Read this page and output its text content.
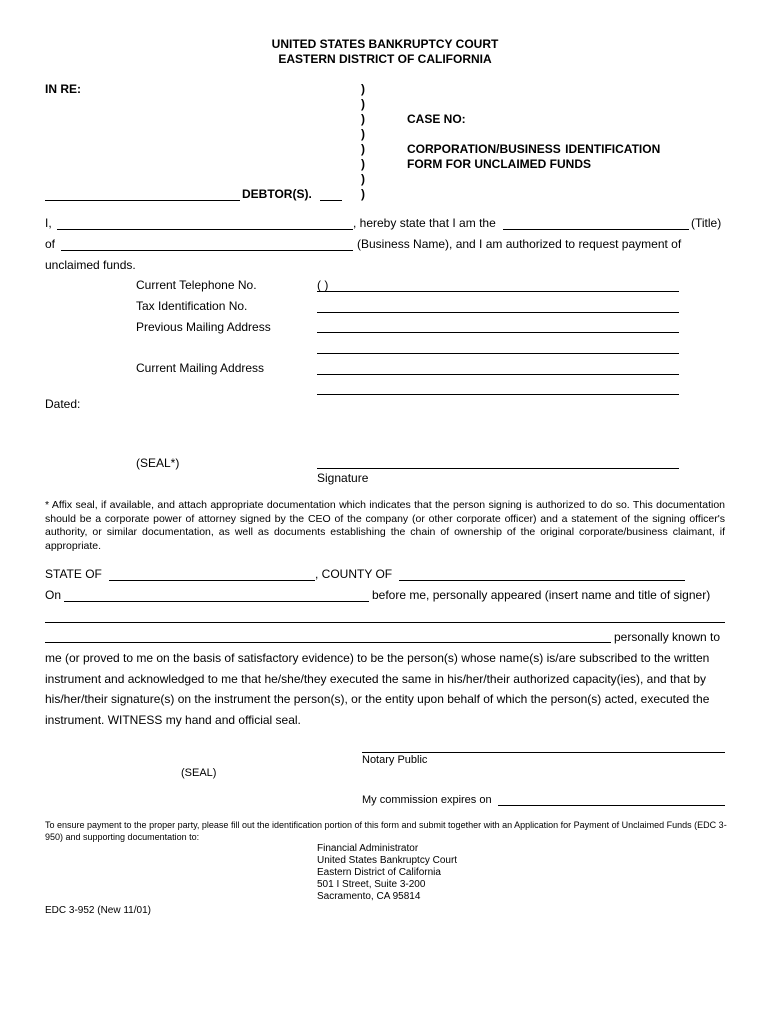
UNITED STATES BANKRUPTCY COURT
EASTERN DISTRICT OF CALIFORNIA
IN RE:	)
)
)
)
)
)
)
)
CASE NO:
CORPORATION/BUSINESS IDENTIFICATION
FORM FOR UNCLAIMED FUNDS
DEBTOR(S).
I,	, hereby state that I am the	(Title)
of	(Business Name), and I am authorized to request payment of
unclaimed funds.
Current Telephone No.	( )
Tax Identification No.
Previous Mailing Address
Current Mailing Address
Dated:
(SEAL*)
Signature
* Affix seal, if available, and attach appropriate documentation which indicates that the person signing is authorized to do so. This documentation should be a corporate power of attorney signed by the CEO of the company (or other corporate officer) and a statement of the signing officer's authority, or similar documentation, as well as documents establishing the chain of ownership of the original corporate/business claimant, if appropriate.
STATE OF	, COUNTY OF
On	before me, personally appeared (insert name and title of signer)
personally known to
me (or proved to me on the basis of satisfactory evidence) to be the person(s) whose name(s) is/are subscribed to the written
instrument and acknowledged to me that he/she/they executed the same in his/her/their authorized capacity(ies), and that by
his/her/their signature(s) on the instrument the person(s), or the entity upon behalf of which the person(s) acted, executed the
instrument. WITNESS my hand and official seal.
Notary Public
(SEAL)
My commission expires on
To ensure payment to the proper party, please fill out the identification portion of this form and submit together with an Application for Payment of Unclaimed Funds (EDC 3-950) and supporting documentation to:
Financial Administrator
United States Bankruptcy Court
Eastern District of California
501 I Street, Suite 3-200
Sacramento, CA 95814
EDC 3-952 (New 11/01)
